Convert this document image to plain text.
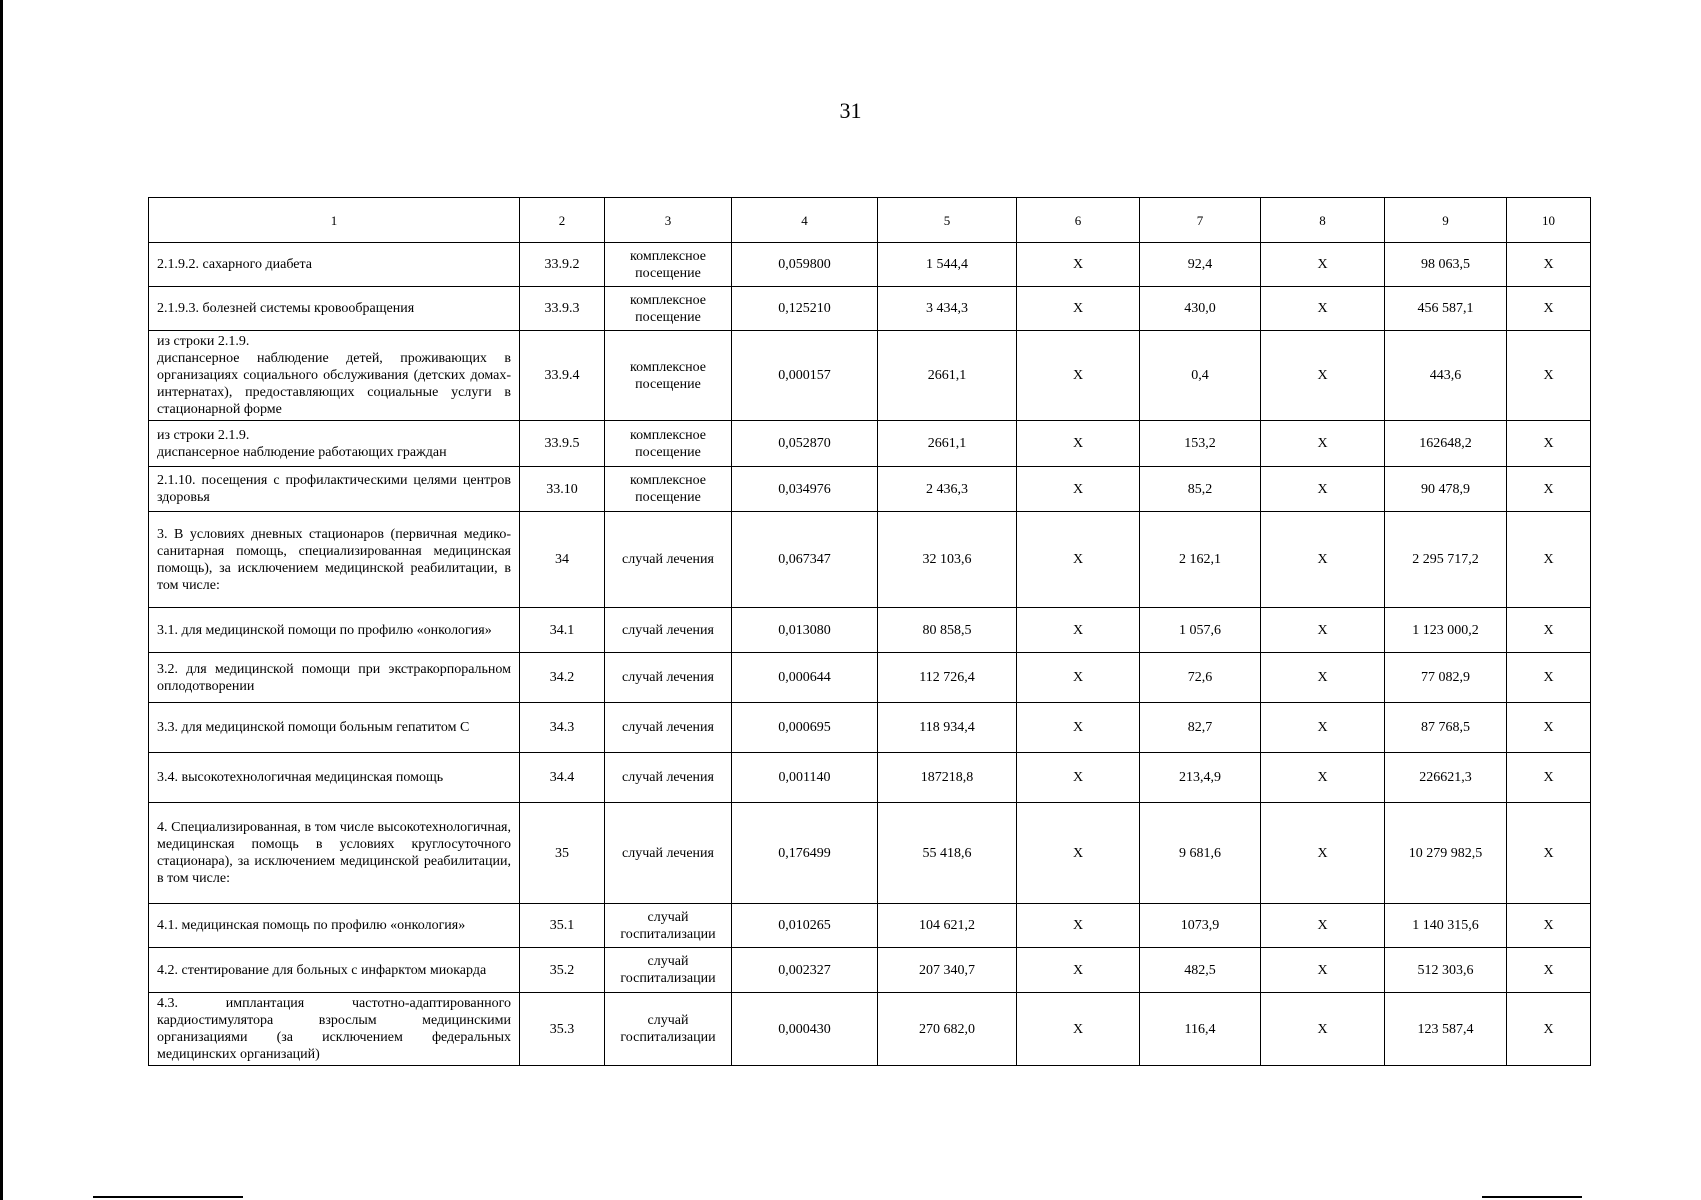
31
1	2	3	4	5	6	7	8	9	10
2.1.9.2. сахарного диабета	33.9.2	комплексное посещение	0,059800	1 544,4	Х	92,4	Х	98 063,5	Х
2.1.9.3. болезней системы кровообращения	33.9.3	комплексное посещение	0,125210	3 434,3	Х	430,0	Х	456 587,1	Х
из строки 2.1.9.
диспансерное наблюдение детей, проживающих в организациях социального обслуживания (детских домах-интернатах), предоставляющих социальные услуги в стационарной форме	33.9.4	комплексное посещение	0,000157	2661,1	Х	0,4	Х	443,6	Х
из строки 2.1.9.
диспансерное наблюдение работающих граждан	33.9.5	комплексное посещение	0,052870	2661,1	Х	153,2	Х	162648,2	Х
2.1.10. посещения с профилактическими целями центров здоровья	33.10	комплексное посещение	0,034976	2 436,3	Х	85,2	Х	90 478,9	Х
3. В условиях дневных стационаров (первичная медико-санитарная помощь, специализированная медицинская помощь), за исключением медицинской реабилитации, в том числе:	34	случай лечения	0,067347	32 103,6	Х	2 162,1	Х	2 295 717,2	Х
3.1. для медицинской помощи по профилю «онкология»	34.1	случай лечения	0,013080	80 858,5	Х	1 057,6	Х	1 123 000,2	Х
3.2. для медицинской помощи при экстракорпоральном оплодотворении	34.2	случай лечения	0,000644	112 726,4	Х	72,6	Х	77 082,9	Х
3.3. для медицинской помощи больным гепатитом С	34.3	случай лечения	0,000695	118 934,4	Х	82,7	Х	87 768,5	Х
3.4. высокотехнологичная медицинская помощь	34.4	случай лечения	0,001140	187218,8	Х	213,4,9	Х	226621,3	Х
4. Специализированная, в том числе высокотехнологичная, медицинская помощь в условиях круглосуточного стационара), за исключением медицинской реабилитации, в том числе:	35	случай лечения	0,176499	55 418,6	Х	9 681,6	Х	10 279 982,5	Х
4.1. медицинская помощь по профилю «онкология»	35.1	случай госпитализации	0,010265	104 621,2	Х	1073,9	Х	1 140 315,6	Х
4.2. стентирование для больных с инфарктом миокарда	35.2	случай госпитализации	0,002327	207 340,7	Х	482,5	Х	512 303,6	Х
4.3. имплантация частотно-адаптированного кардиостимулятора взрослым медицинскими организациями (за исключением федеральных медицинских организаций)	35.3	случай госпитализации	0,000430	270 682,0	Х	116,4	Х	123 587,4	Х
